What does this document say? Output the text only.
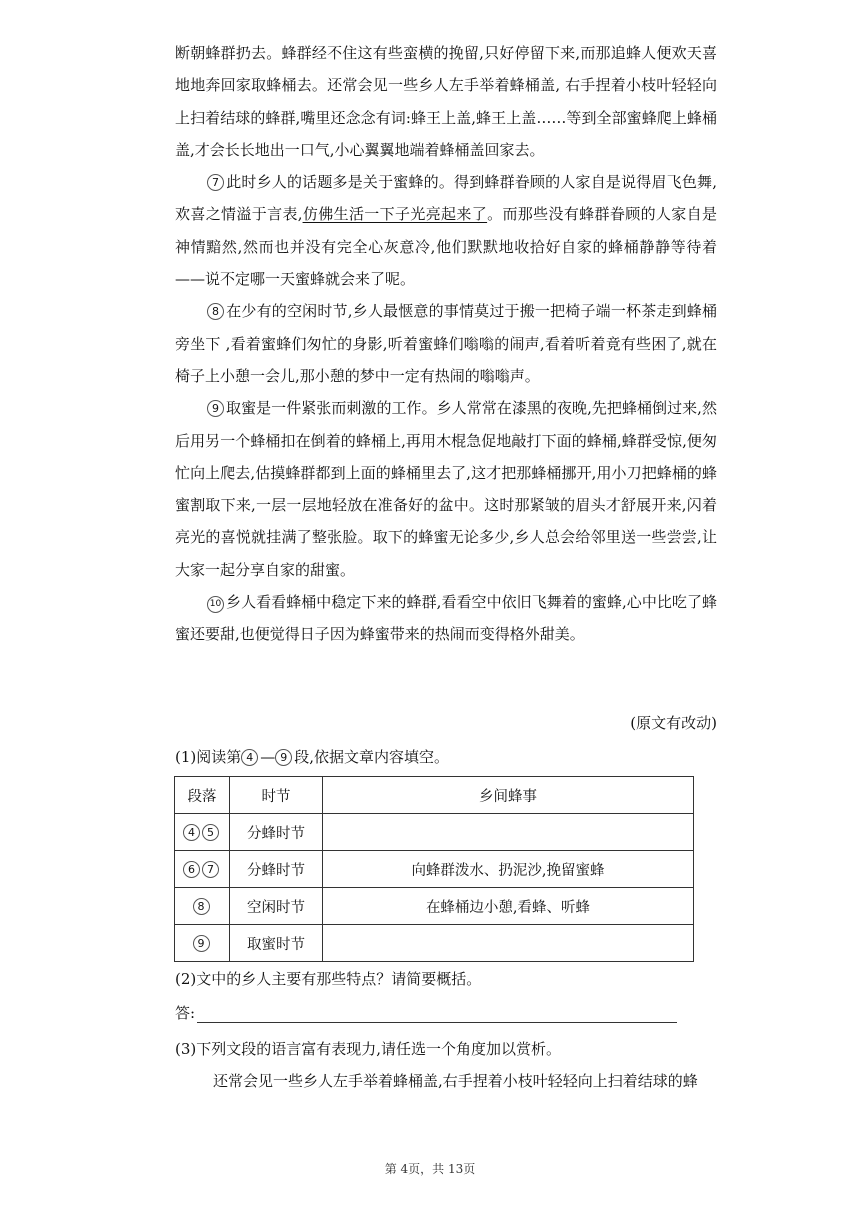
断朝蜂群扔去。蜂群经不住这有些蛮横的挽留,只好停留下来,而那追蜂人便欢天喜地地奔回家取蜂桶去。还常会见一些乡人左手举着蜂桶盖, 右手捏着小枝叶轻轻向上扫着结球的蜂群,嘴里还念念有词:蜂王上盖,蜂王上盖……等到全部蜜蜂爬上蜂桶盖,才会长长地出一口气,小心翼翼地端着蜂桶盖回家去。

7 此时乡人的话题多是关于蜜蜂的。得到蜂群眷顾的人家自是说得眉飞色舞,欢喜之情溢于言表,仿佛生活一下子光亮起来了。而那些没有蜂群眷顾的人家自是神情黯然,然而也并没有完全心灰意冷,他们默默地收拾好自家的蜂桶静静等待着——说不定哪一天蜜蜂就会来了呢。

8 在少有的空闲时节,乡人最惬意的事情莫过于搬一把椅子端一杯茶走到蜂桶旁坐下 ,看着蜜蜂们匆忙的身影,听着蜜蜂们嗡嗡的闹声,看着听着竟有些困了,就在椅子上小憩一会儿,那小憩的梦中一定有热闹的嗡嗡声。

9 取蜜是一件紧张而刺激的工作。乡人常常在漆黑的夜晚,先把蜂桶倒过来,然后用另一个蜂桶扣在倒着的蜂桶上,再用木棍急促地敲打下面的蜂桶,蜂群受惊,便匆忙向上爬去,估摸蜂群都到上面的蜂桶里去了,这才把那蜂桶挪开,用小刀把蜂桶的蜂蜜割取下来,一层一层地轻放在准备好的盆中。这时那紧皱的眉头才舒展开来,闪着亮光的喜悦就挂满了整张脸。取下的蜂蜜无论多少,乡人总会给邻里送一些尝尝,让大家一起分享自家的甜蜜。

10 乡人看看蜂桶中稳定下来的蜂群,看看空中依旧飞舞着的蜜蜂,心中比吃了蜂蜜还要甜,也便觉得日子因为蜂蜜带来的热闹而变得格外甜美。

(原文有改动)
(1)阅读第 4 — 9 段,依据文章内容填空。
段落	时节	乡间蜂事
4 5	分蜂时节	
6 7	分蜂时节	向蜂群泼水、扔泥沙,挽留蜜蜂
8	空闲时节	在蜂桶边小憩,看蜂、听蜂
9	取蜜时节	
(2)文中的乡人主要有那些特点？请简要概括。
答:
(3)下列文段的语言富有表现力,请任选一个角度加以赏析。
还常会见一些乡人左手举着蜂桶盖,右手捏着小枝叶轻轻向上扫着结球的蜂
第 4页，共 13页
